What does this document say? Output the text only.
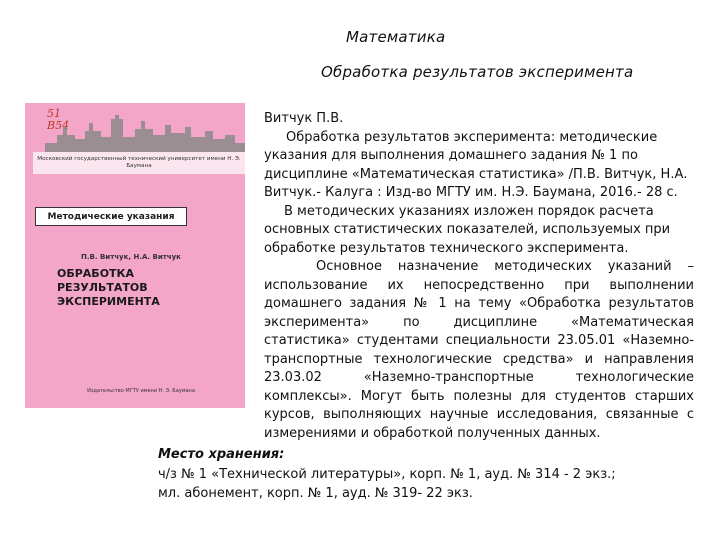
Математика
Обработка результатов эксперимента
51
В54
Московский государственный технический университет имени Н. Э. Баумана
Методические указания
П.В. Витчук, Н.А. Витчук
ОБРАБОТКА
РЕЗУЛЬТАТОВ ЭКСПЕРИМЕНТА
Издательство МГТУ имени Н. Э. Баумана

Витчук П.В.

Обработка результатов эксперимента: методические указания для выполнения домашнего задания № 1 по дисциплине «Математическая статистика» /П.В. Витчук, Н.А. Витчук.- Калуга : Изд-во МГТУ им. Н.Э. Баумана, 2016.- 28 с.

В методических указаниях изложен порядок расчета основных статистических показателей, используемых при обработке результатов технического эксперимента.

Основное назначение методических указаний – использование их непосредственно при выполнении домашнего задания № 1 на тему «Обработка результатов эксперимента» по дисциплине «Математическая статистика» студентами специальности 23.05.01 «Наземно-транспортные технологические средства» и направления 23.03.02 «Наземно-транспортные технологические комплексы». Могут быть полезны для студентов старших курсов, выполняющих научные исследования, связанные с измерениями и обработкой полученных данных.

Место хранения:
ч/з № 1 «Технической литературы», корп. № 1, ауд. № 314 - 2 экз.;
мл. абонемент, корп. № 1, ауд. № 319- 22 экз.
